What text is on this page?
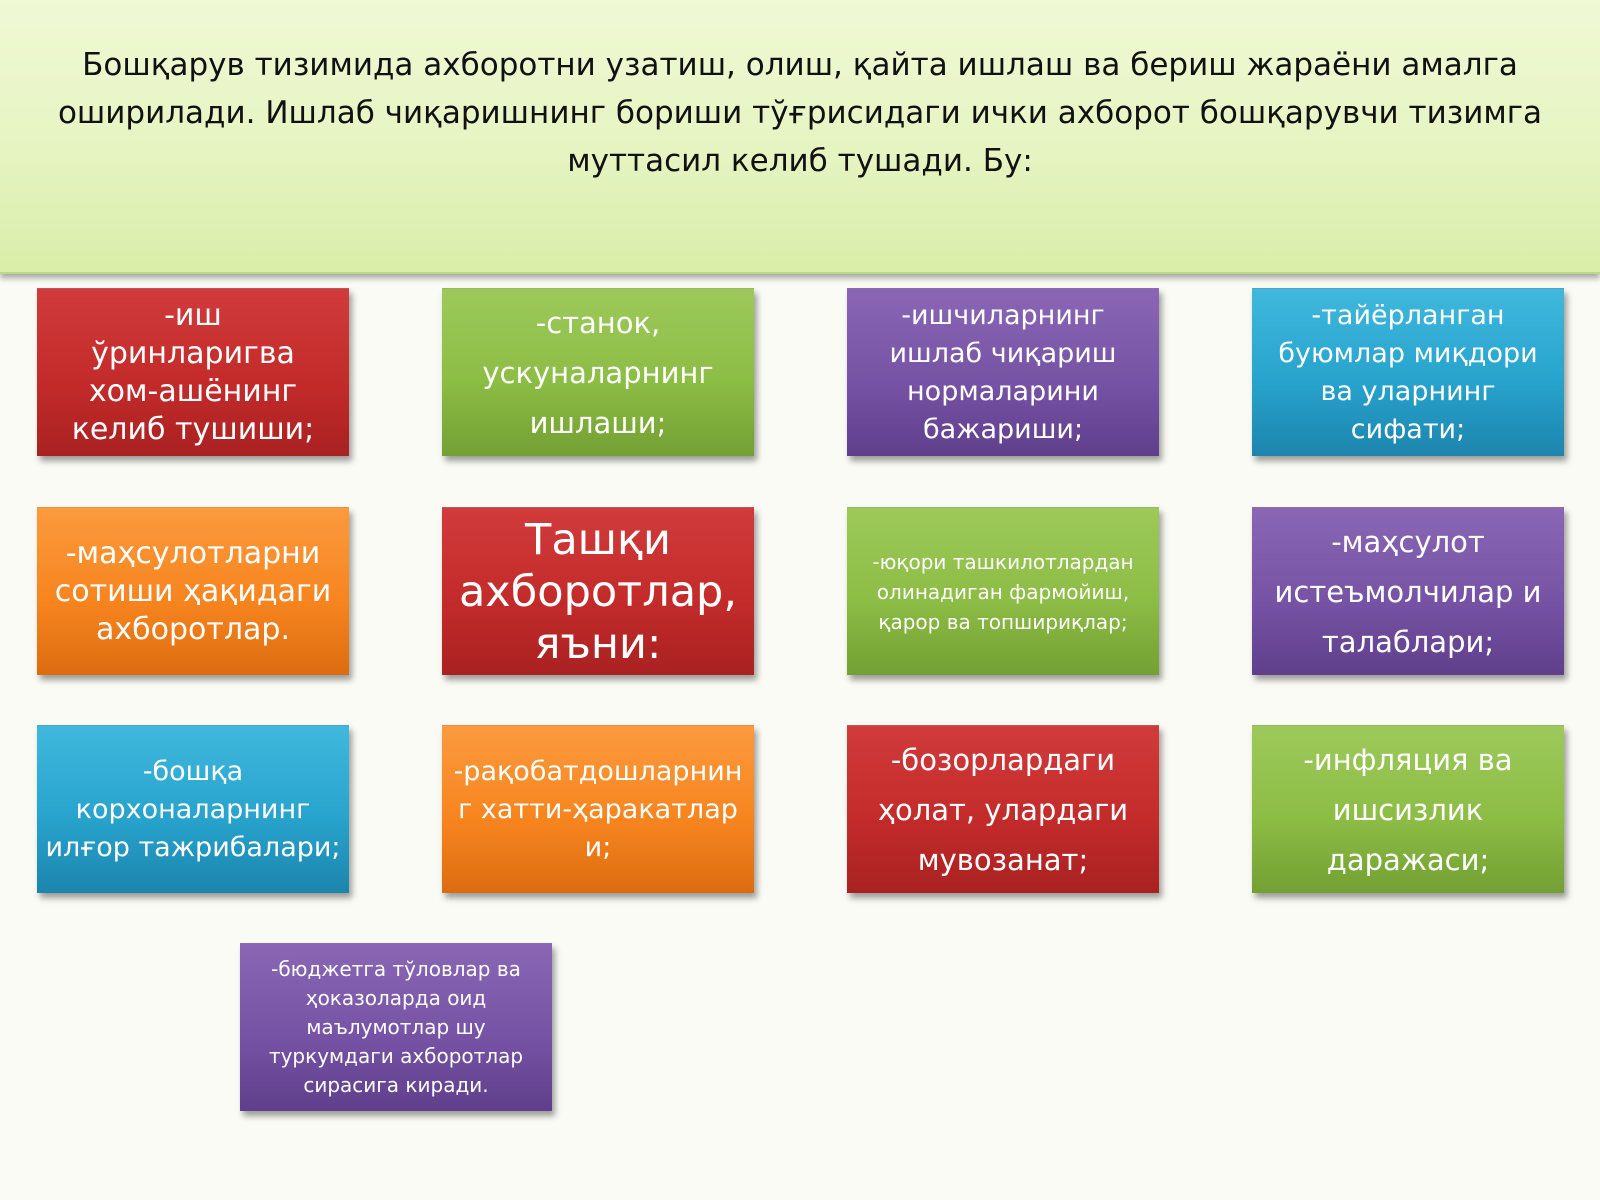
Бошқарув тизимида ахборотни узатиш, олиш, қайта ишлаш ва бериш жараёни амалга оширилади. Ишлаб чиқаришнинг бориши тўғрисидаги ички ахборот бошқарувчи тизимга муттасил келиб тушади. Бу:

-иш ўринларигва хом-ашёнинг келиб тушиши;
-станок, ускуналарнинг ишлаши;
-ишчиларнинг ишлаб чиқариш нормаларини бажариши;
-тайёрланган буюмлар миқдори ва уларнинг сифати;
-маҳсулотларни сотиши ҳақидаги ахборотлар.
Ташқи ахборотлар, яъни:
-юқори ташкилотлардан олинадиган фармойиш, қарор ва топшириқлар;
-маҳсулот истеъмолчилар и талаблари;
-бошқа корхоналарнинг илғор тажрибалари;
-рақобатдошларнинг хатти-ҳаракатлари;
-бозорлардаги ҳолат, улардаги мувозанат;
-инфляция ва ишсизлик даражаси;
-бюджетга тўловлар ва ҳоказоларда оид маълумотлар шу туркумдаги ахборотлар сирасига киради.
